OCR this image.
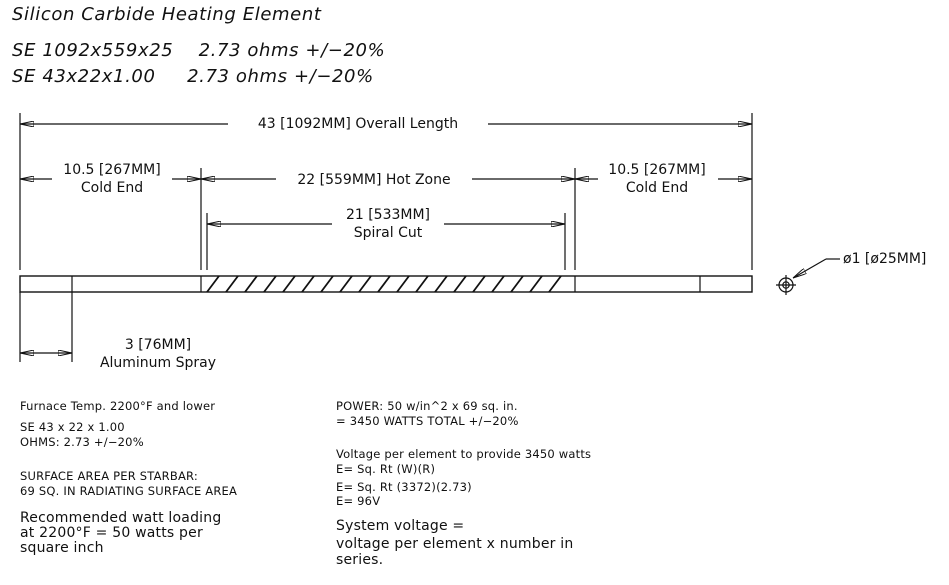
Silicon Carbide Heating Element
SE 1092x559x25    2.73 ohms +/−20%
SE 43x22x1.00     2.73 ohms +/−20%
43 [1092MM] Overall Length
10.5 [267MM]
Cold End	22 [559MM] Hot Zone
10.5 [267MM]
Cold End
21 [533MM]
Spiral Cut
ø1 [ø25MM]
3 [76MM]
Aluminum Spray
Furnace Temp. 2200°F and lower
SE 43 x 22 x 1.00
OHMS: 2.73 +/−20%
SURFACE AREA PER STARBAR:
69 SQ. IN RADIATING SURFACE AREA
Recommended watt loading
at 2200°F = 50 watts per
square inch
POWER: 50 w/in^2 x 69 sq. in.
= 3450 WATTS TOTAL +/−20%
Voltage per element to provide 3450 watts
E= Sq. Rt (W)(R)
E= Sq. Rt (3372)(2.73)
E= 96V
System voltage =
voltage per element x number in
series.
